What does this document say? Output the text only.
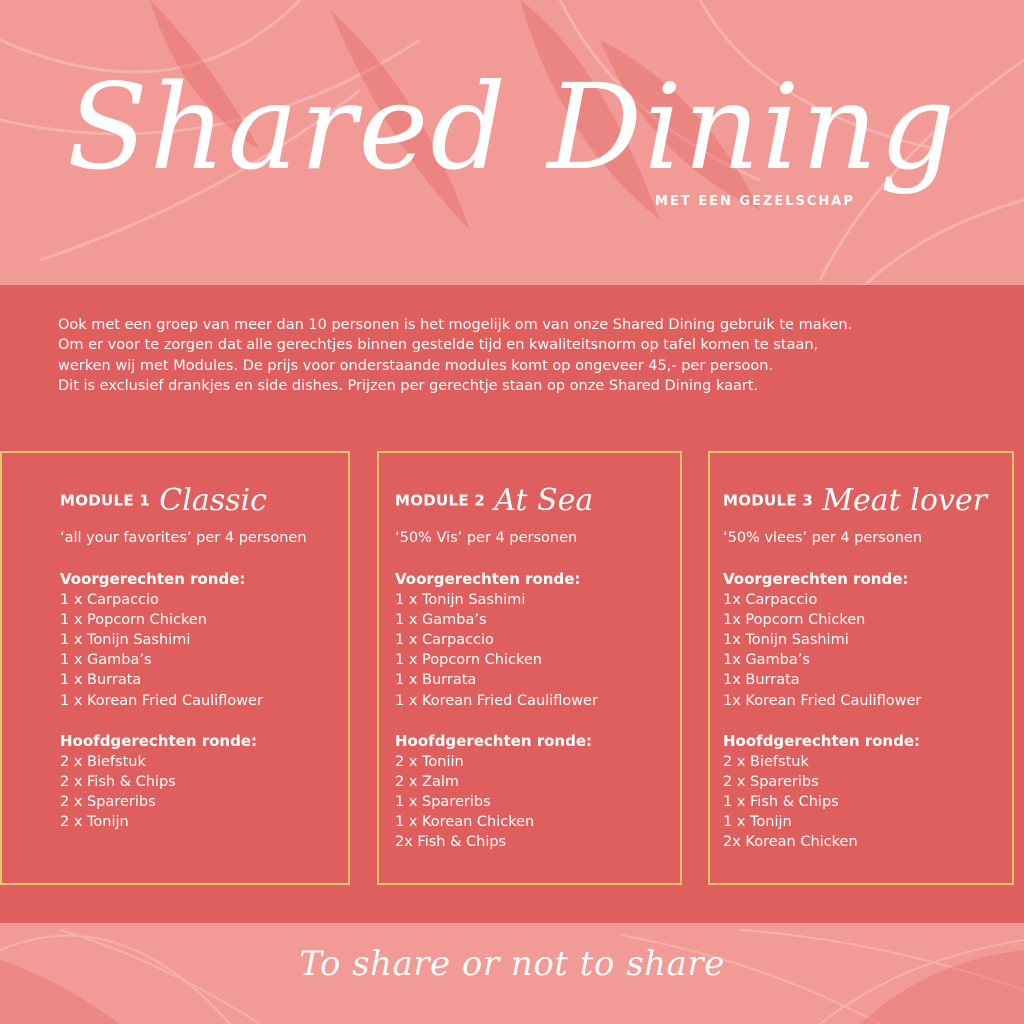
Shared Dining
MET EEN GEZELSCHAP

Ook met een groep van meer dan 10 personen is het mogelijk om van onze Shared Dining gebruik te maken.

Om er voor te zorgen dat alle gerechtjes binnen gestelde tijd en kwaliteitsnorm op tafel komen te staan,

werken wij met Modules. De prijs voor onderstaande modules komt op ongeveer 45,- per persoon.

Dit is exclusief drankjes en side dishes. Prijzen per gerechtje staan op onze Shared Dining kaart.

MODULE 1 Classic
‘all your favorites’ per 4 personen

Voorgerechten ronde:

1 x Carpaccio
1 x Popcorn Chicken
1 x Tonijn Sashimi
1 x Gamba’s
1 x Burrata
1 x Korean Fried Cauliflower

Hoofdgerechten ronde:

2 x Biefstuk
2 x Fish & Chips
2 x Spareribs
2 x Tonijn
MODULE 2 At Sea
‘50% Vis’ per 4 personen

Voorgerechten ronde:

1 x Tonijn Sashimi
1 x Gamba’s
1 x Carpaccio
1 x Popcorn Chicken
1 x Burrata
1 x Korean Fried Cauliflower

Hoofdgerechten ronde:

2 x Toniin
2 x Zalm
1 x Spareribs
1 x Korean Chicken
2x Fish & Chips
MODULE 3 Meat lover
‘50% vlees’ per 4 personen

Voorgerechten ronde:

1x Carpaccio
1x Popcorn Chicken
1x Tonijn Sashimi
1x Gamba’s
1x Burrata
1x Korean Fried Cauliflower

Hoofdgerechten ronde:

2 x Biefstuk
2 x Spareribs
1 x Fish & Chips
1 x Tonijn
2x Korean Chicken
To share or not to share
